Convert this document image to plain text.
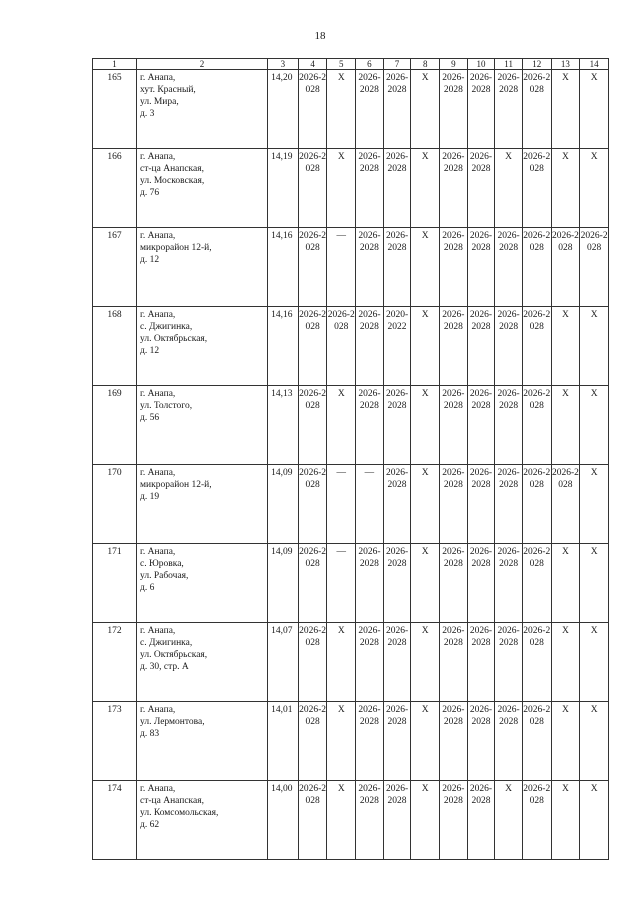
18
1	2	3	4	5	6	7	8	9	10	11	12	13	14
165	г. Анапа,
хут. Красный,
ул. Мира,
д. 3	14,20	2026-2028	X	2026-2028	2026-2028	X	2026-2028	2026-2028	2026-2028	2026-2028	X	X
166	г. Анапа,
ст-ца Анапская,
ул. Московская,
д. 76	14,19	2026-2028	X	2026-2028	2026-2028	X	2026-2028	2026-2028	X	2026-2028	X	X
167	г. Анапа,
микрорайон 12-й,
д. 12	14,16	2026-2028	—	2026-2028	2026-2028	X	2026-2028	2026-2028	2026-2028	2026-2028	2026-2028	2026-2028
168	г. Анапа,
с. Джигинка,
ул. Октябрьская,
д. 12	14,16	2026-2028	2026-2028	2026-2028	2020-2022	X	2026-2028	2026-2028	2026-2028	2026-2028	X	X
169	г. Анапа,
ул. Толстого,
д. 56	14,13	2026-2028	X	2026-2028	2026-2028	X	2026-2028	2026-2028	2026-2028	2026-2028	X	X
170	г. Анапа,
микрорайон 12-й,
д. 19	14,09	2026-2028	—	—	2026-2028	X	2026-2028	2026-2028	2026-2028	2026-2028	2026-2028	X
171	г. Анапа,
с. Юровка,
ул. Рабочая,
д. 6	14,09	2026-2028	—	2026-2028	2026-2028	X	2026-2028	2026-2028	2026-2028	2026-2028	X	X
172	г. Анапа,
с. Джигинка,
ул. Октябрьская,
д. 30, стр. А	14,07	2026-2028	X	2026-2028	2026-2028	X	2026-2028	2026-2028	2026-2028	2026-2028	X	X
173	г. Анапа,
ул. Лермонтова,
д. 83	14,01	2026-2028	X	2026-2028	2026-2028	X	2026-2028	2026-2028	2026-2028	2026-2028	X	X
174	г. Анапа,
ст-ца Анапская,
ул. Комсомольская,
д. 62	14,00	2026-2028	X	2026-2028	2026-2028	X	2026-2028	2026-2028	X	2026-2028	X	X
